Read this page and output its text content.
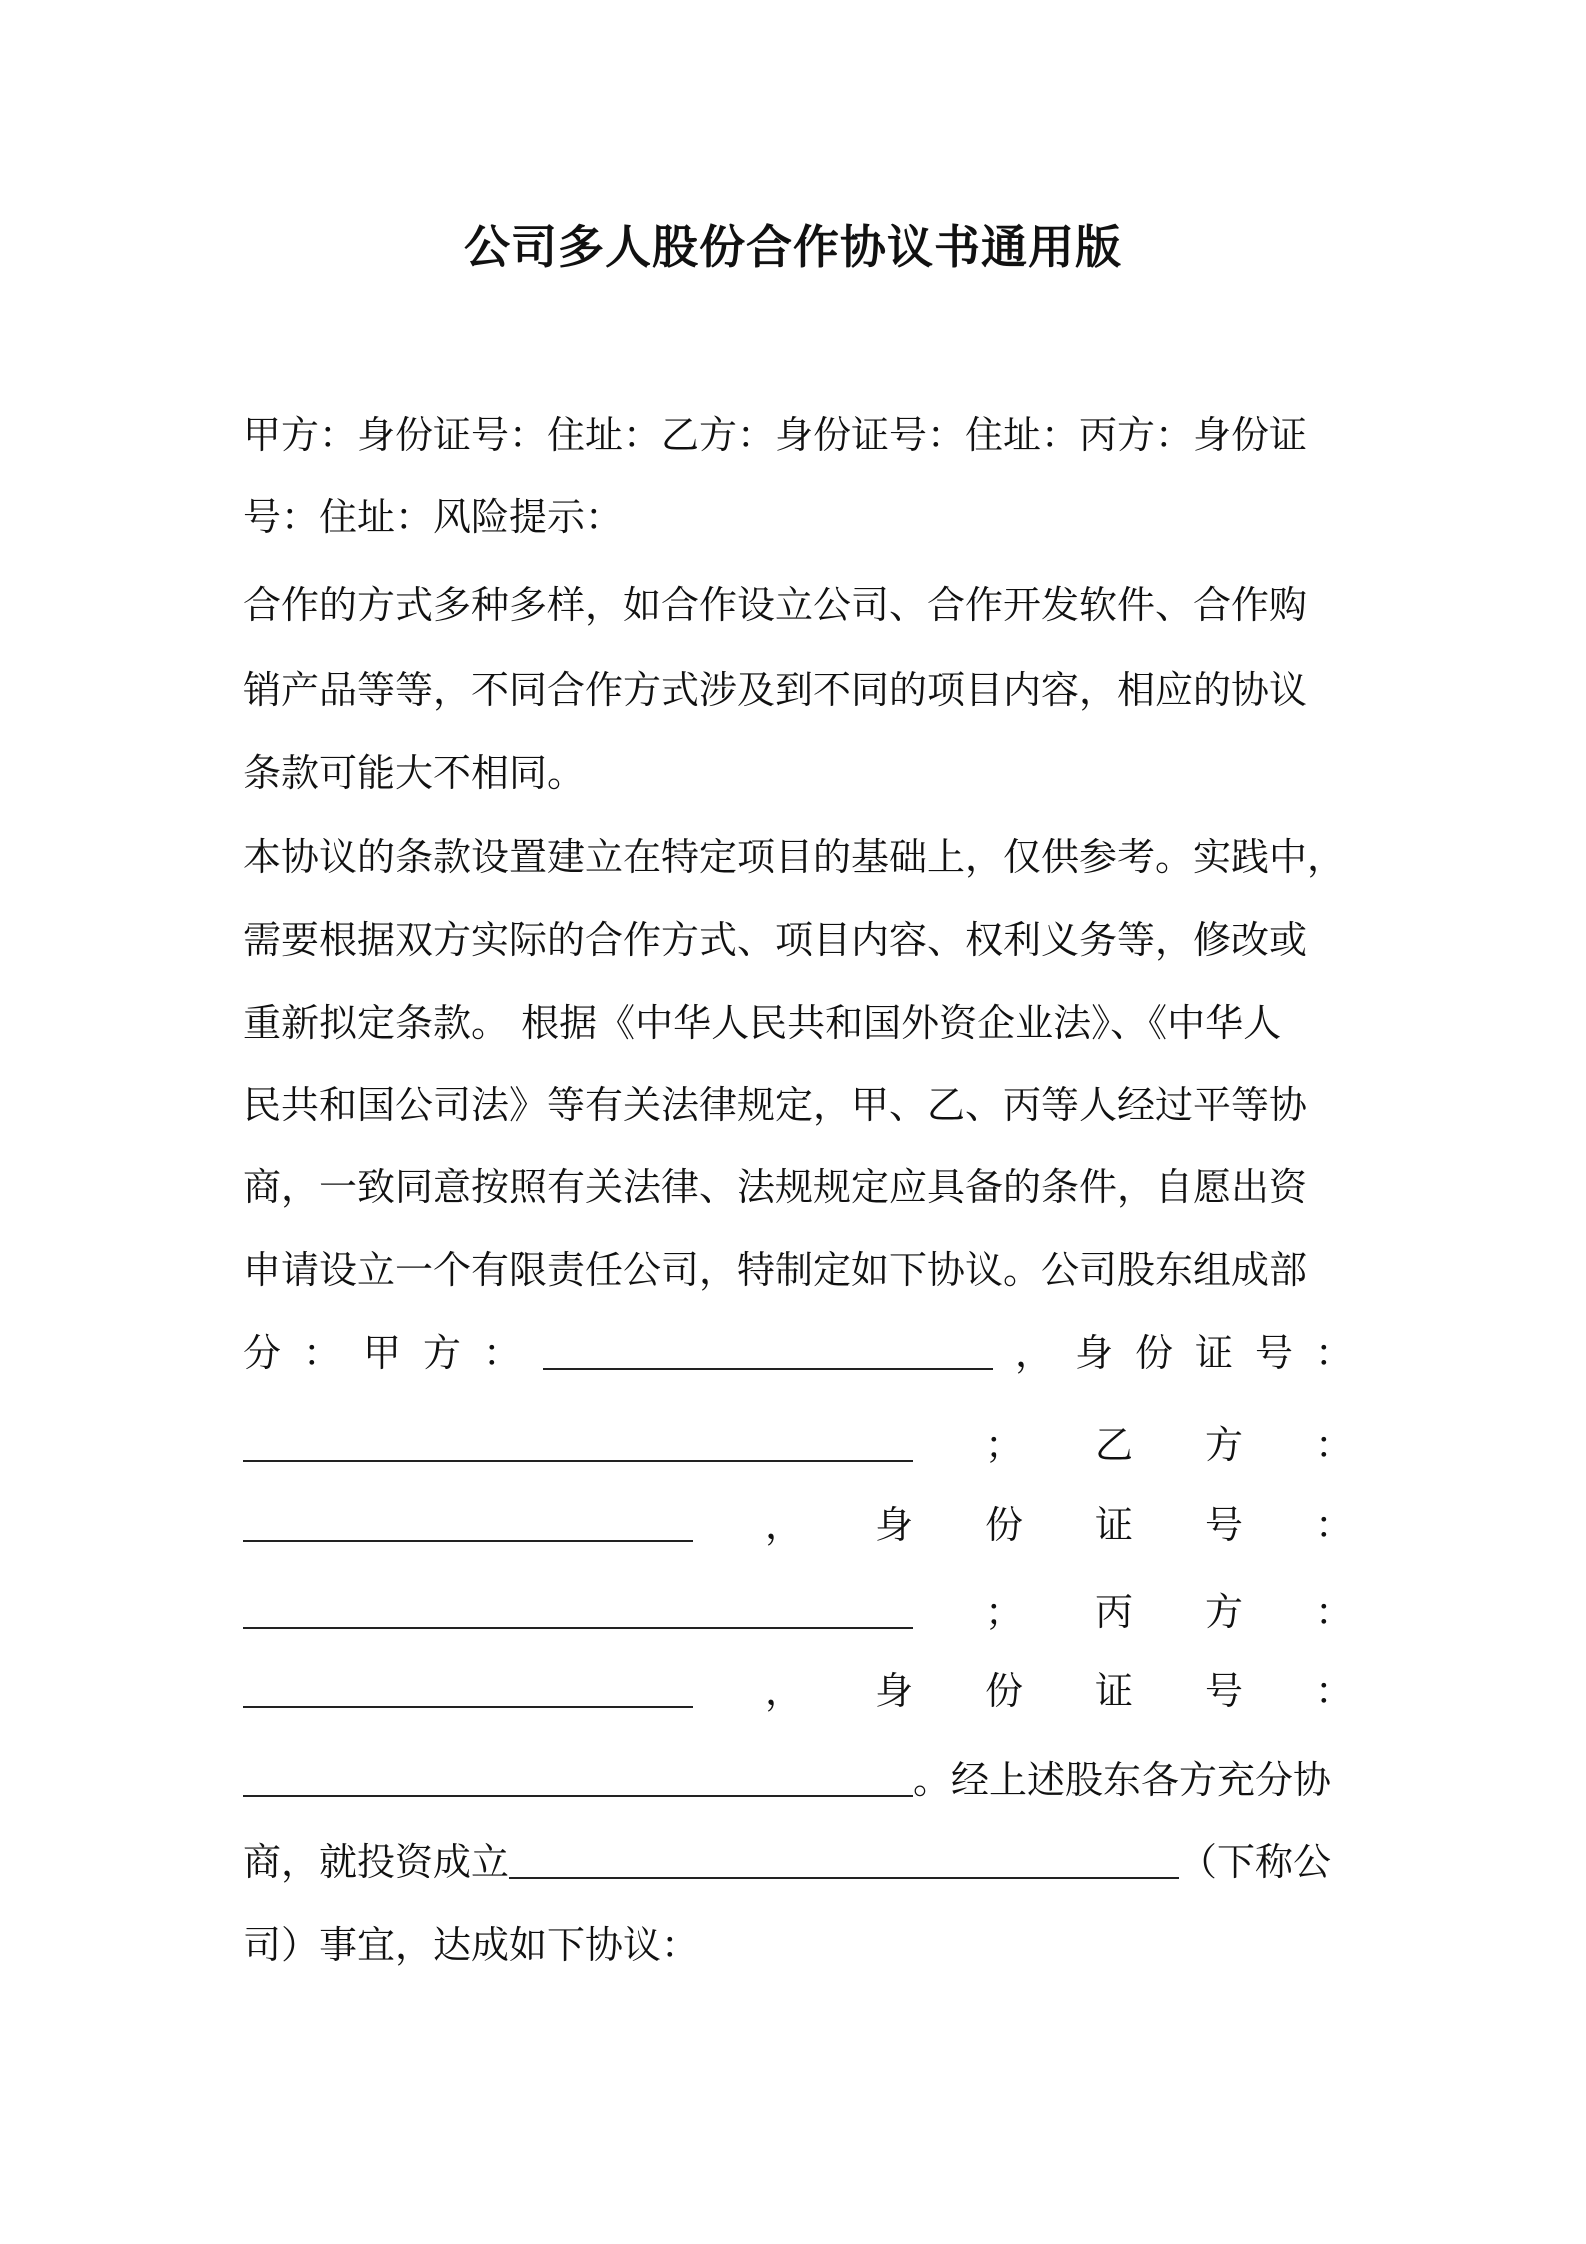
公司多人股份合作协议书通用版
甲方：身份证号：住址：乙方：身份证号：住址：丙方：身份证
号：住址：风险提示：
合作的方式多种多样，如合作设立公司、合作开发软件、合作购
销产品等等，不同合作方式涉及到不同的项目内容，相应的协议
条款可能大不相同。
本协议的条款设置建立在特定项目的基础上，仅供参考。实践中，
需要根据双方实际的合作方式、项目内容、权利义务等，修改或
重新拟定条款。 根据《中华人民共和国外资企业法》、《中华人
民共和国公司法》等有关法律规定，甲、乙、丙等人经过平等协
商，一致同意按照有关法律、法规规定应具备的条件，自愿出资
申请设立一个有限责任公司，特制定如下协议。公司股东组成部
分 ： 甲 方 ：	， 身 份 证 号 ：
； 乙 方 ：
， 身 份 证 号 ：
； 丙 方 ：
， 身 份 证 号 ：
。经上述股东各方充分协
商，就投资成立	（下称公
司）事宜，达成如下协议：
